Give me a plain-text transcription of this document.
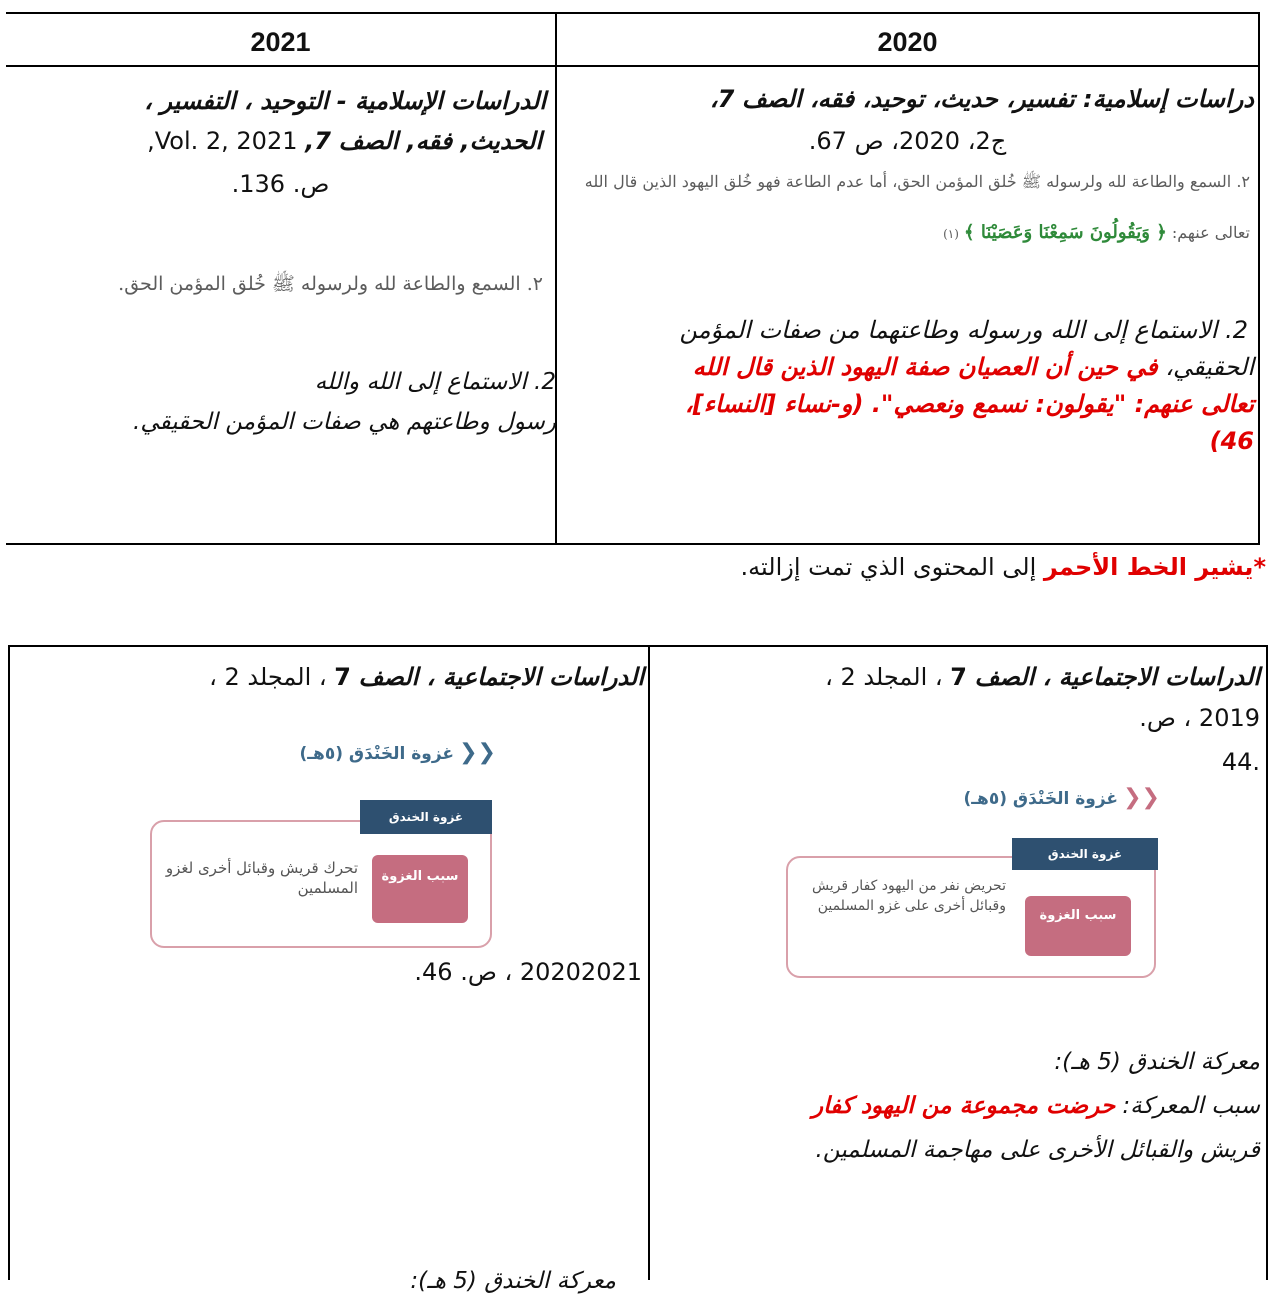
2021	2020
دراسات إسلامية: تفسير، حديث، توحيد، فقه، الصف 7،
ج2، 2020، ص 67.
٢. السمع والطاعة لله ولرسوله ﷺ خُلق المؤمن الحق، أما عدم الطاعة فهو خُلق اليهود الذين قال الله
تعالى عنهم: ﴿ وَيَقُولُونَ سَمِعْنَا وَعَصَيْنَا ﴾ (١)
2. الاستماع إلى الله ورسوله وطاعتهما من صفات المؤمن
الحقيقي، في حين أن العصيان صفة اليهود الذين قال الله
تعالى عنهم: "يقولون: نسمع ونعصي". (و-نساء [النساء]،
46)
الدراسات الإسلامية - التوحيد ، التفسير ،
الحديث, فقه, الصف 7, Vol. 2, 2021,
ص. 136.
٢. السمع والطاعة لله ولرسوله ﷺ خُلق المؤمن الحق.
2. الاستماع إلى الله والله
رسول وطاعتهم هي صفات المؤمن الحقيقي.
*يشير الخط الأحمر إلى المحتوى الذي تمت إزالته.
الدراسات الاجتماعية ، الصف 7 ، المجلد 2 ،
2019 ، ص.
44.
❮❮ غزوة الخَنْدَق (٥هـ)
غزوة الخندق
سبب الغزوة
تحريض نفر من اليهود كفار قريش وقبائل أخرى على غزو المسلمين
معركة الخندق (5 هـ):
سبب المعركة: حرضت مجموعة من اليهود كفار
قريش والقبائل الأخرى على مهاجمة المسلمين.
الدراسات الاجتماعية ، الصف 7 ، المجلد 2 ،
❮❮ غزوة الخَنْدَق (٥هـ)
غزوة الخندق
سبب الغزوة
تحرك قريش وقبائل أخرى لغزو المسلمين
20202021 ، ص. 46.
معركة الخندق (5 هـ):
